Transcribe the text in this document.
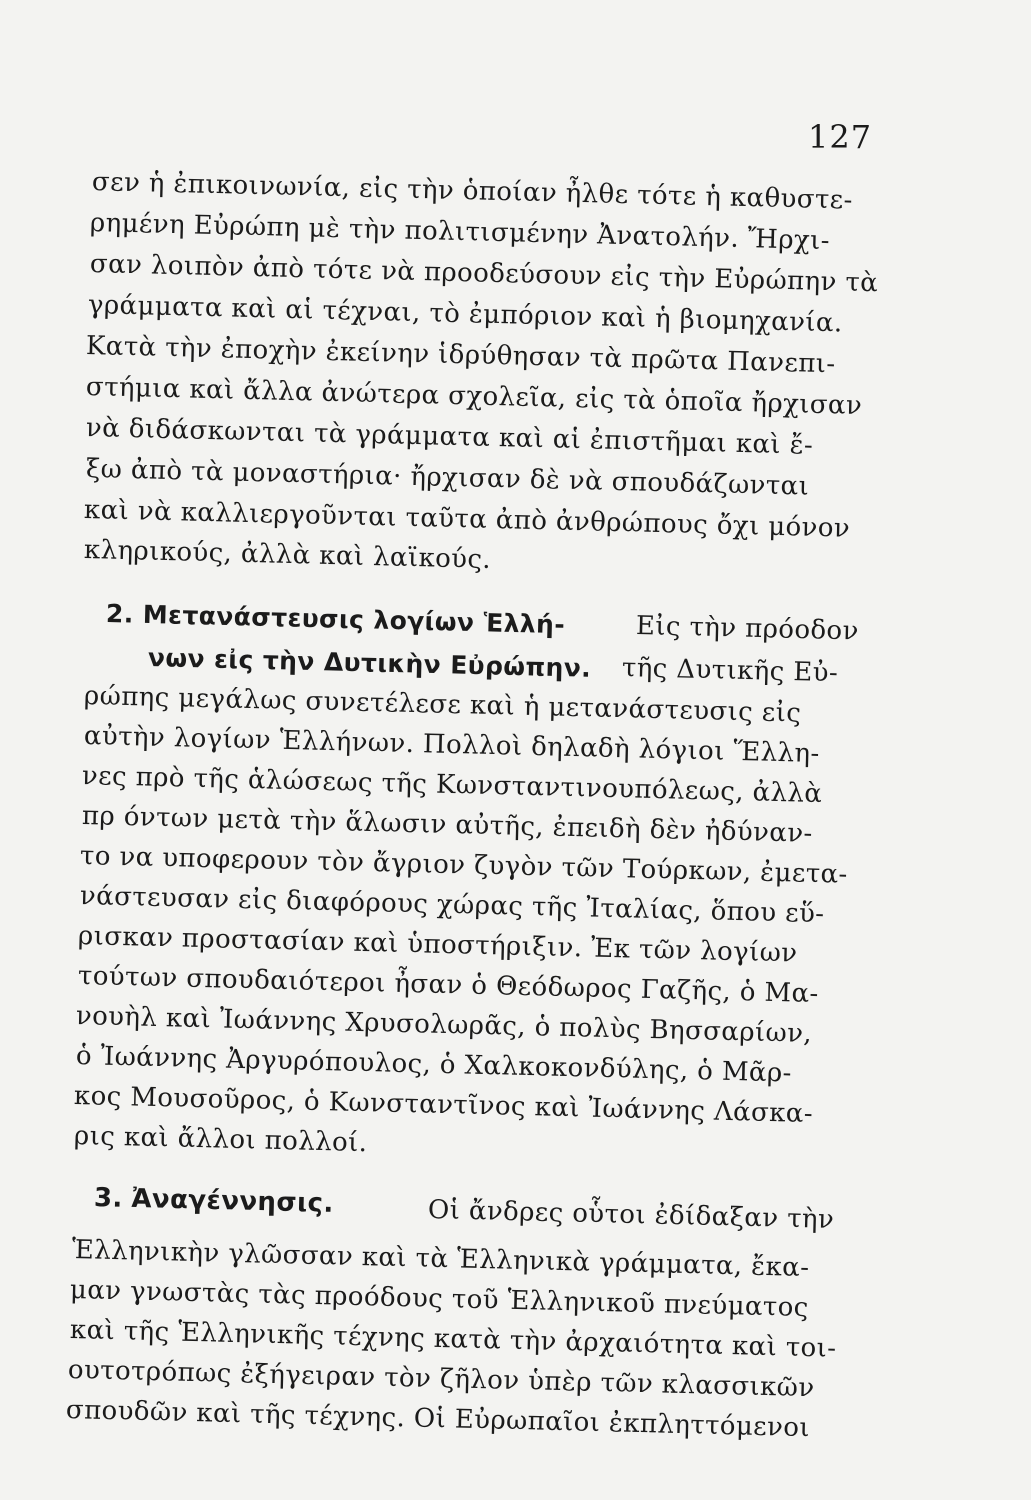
127
σεν ἡ ἐπικοινωνία, εἰς τὴν ὁποίαν ἦλθε τότε ἡ καθυστε-
ρημένη Εὐρώπη μὲ τὴν πολιτισμένην Ἀνατολήν. Ἤρχι-
σαν λοιπὸν ἀπὸ τότε νὰ προοδεύσουν εἰς τὴν Εὐρώπην τὰ
γράμματα καὶ αἱ τέχναι, τὸ ἐμπόριον καὶ ἡ βιομηχανία.
Κατὰ τὴν ἐποχὴν ἐκείνην ἱδρύθησαν τὰ πρῶτα Πανεπι-
στήμια καὶ ἄλλα ἀνώτερα σχολεῖα, εἰς τὰ ὁποῖα ἤρχισαν
νὰ διδάσκωνται τὰ γράμματα καὶ αἱ ἐπιστῆμαι καὶ ἔ-
ξω ἀπὸ τὰ μοναστήρια· ἤρχισαν δὲ νὰ σπουδάζωνται
καὶ νὰ καλλιεργοῦνται ταῦτα ἀπὸ ἀνθρώπους ὄχι μόνον
κληρικούς, ἀλλὰ καὶ λαϊκούς.
2. Μετανάστευσις λογίων Ἑλλή-	Εἰς τὴν πρόοδον
νων εἰς τὴν Δυτικὴν Εὐρώπην. τῆς Δυτικῆς Εὐ-
ρώπης μεγάλως συνετέλεσε καὶ ἡ μετανάστευσις εἰς
αὐτὴν λογίων Ἑλλήνων. Πολλοὶ δηλαδὴ λόγιοι Ἕλλη-
νες πρὸ τῆς ἁλώσεως τῆς Κωνσταντινουπόλεως, ἀλλὰ
πρ όντων μετὰ τὴν ἅλωσιν αὐτῆς, ἐπειδὴ δὲν ἠδύναν-
το να υποφερουν τὸν ἄγριον ζυγὸν τῶν Τούρκων, ἐμετα-
νάστευσαν εἰς διαφόρους χώρας τῆς Ἰταλίας, ὅπου εὕ-
ρισκαν προστασίαν καὶ ὑποστήριξιν. Ἐκ τῶν λογίων
τούτων σπουδαιότεροι ἦσαν ὁ Θεόδωρος Γαζῆς, ὁ Μα-
νουὴλ καὶ Ἰωάννης Χρυσολωρᾶς, ὁ πολὺς Βησσαρίων,
ὁ Ἰωάννης Ἀργυρόπουλος, ὁ Χαλκοκονδύλης, ὁ Μᾶρ-
κος Μουσοῦρος, ὁ Κωνσταντῖνος καὶ Ἰωάννης Λάσκα-
ρις καὶ ἄλλοι πολλοί.
3. Ἀναγέννησις.	Οἱ ἄνδρες οὗτοι ἐδίδαξαν τὴν
Ἑλληνικὴν γλῶσσαν καὶ τὰ Ἑλληνικὰ γράμματα, ἔκα-
μαν γνωστὰς τὰς προόδους τοῦ Ἑλληνικοῦ πνεύματος
καὶ τῆς Ἑλληνικῆς τέχνης κατὰ τὴν ἀρχαιότητα καὶ τοι-
ουτοτρόπως ἐξήγειραν τὸν ζῆλον ὑπὲρ τῶν κλασσικῶν
σπουδῶν καὶ τῆς τέχνης. Οἱ Εὐρωπαῖοι ἐκπληττόμενοι
